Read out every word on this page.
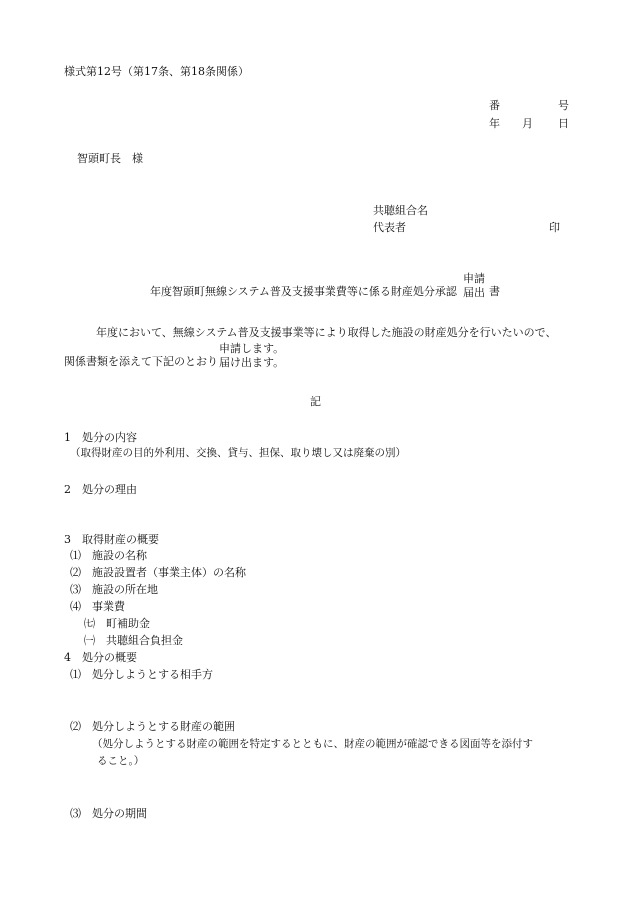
様式第12号（第17条、第18条関係）
番	号
年 月 日
智頭町長　様
共聴組合名
代表者	印
年度智頭町無線システム普及支援事業費等に係る財産処分承認
申請
届出 書
年度において、無線システム普及支援事業等により取得した施設の財産処分を行いたいので、
関係書類を添えて下記のとおり
申請します。
届け出ます。
記
1　処分の内容
（取得財産の目的外利用、交換、貸与、担保、取り壊し又は廃棄の別）
2　処分の理由
3　取得財産の概要
⑴　施設の名称
⑵　施設設置者（事業主体）の名称
⑶　施設の所在地
⑷　事業費
㈦　町補助金
㈠　共聴組合負担金
4　処分の概要
⑴　処分しようとする相手方
⑵　処分しようとする財産の範囲
（処分しようとする財産の範囲を特定するとともに、財産の範囲が確認できる図面等を添付す
ること。）
⑶　処分の期間
